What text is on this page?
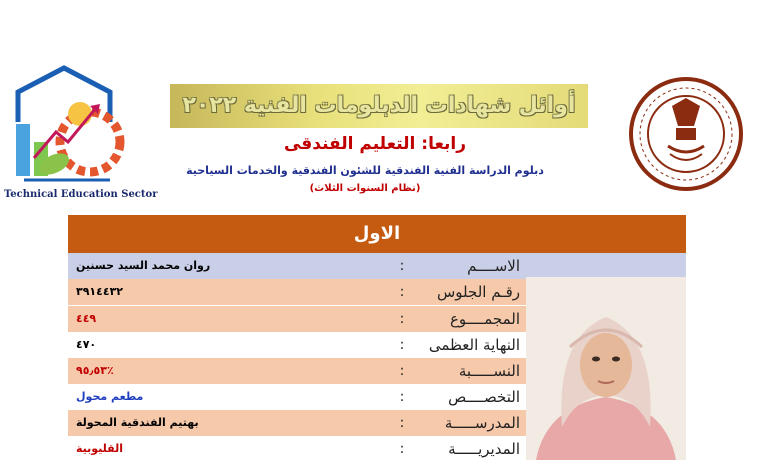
Technical Education Sector
أوائل شهادات الدبلومات الفنية ٢٠٢٢
رابعا: التعليم الفندقى
دبلوم الدراسة الفنية الفندقية للشئون الفندقية والخدمات السياحية
(نظام السنوات الثلاث)
الاول
روان محمد السيد حسنين	:	الاســــم
٣٩١٤٤٣٢	:	رقـم الجلوس
٤٤٩	:	المجمــــوع
٤٧٠	:	النهاية العظمى
٪٩٥٫٥٣	:	النســـــبة
مطعم محول	:	التخصــــص
بهتيم الفندقية المحولة	:	المدرســـــة
القليوبية	:	المديريـــــة
